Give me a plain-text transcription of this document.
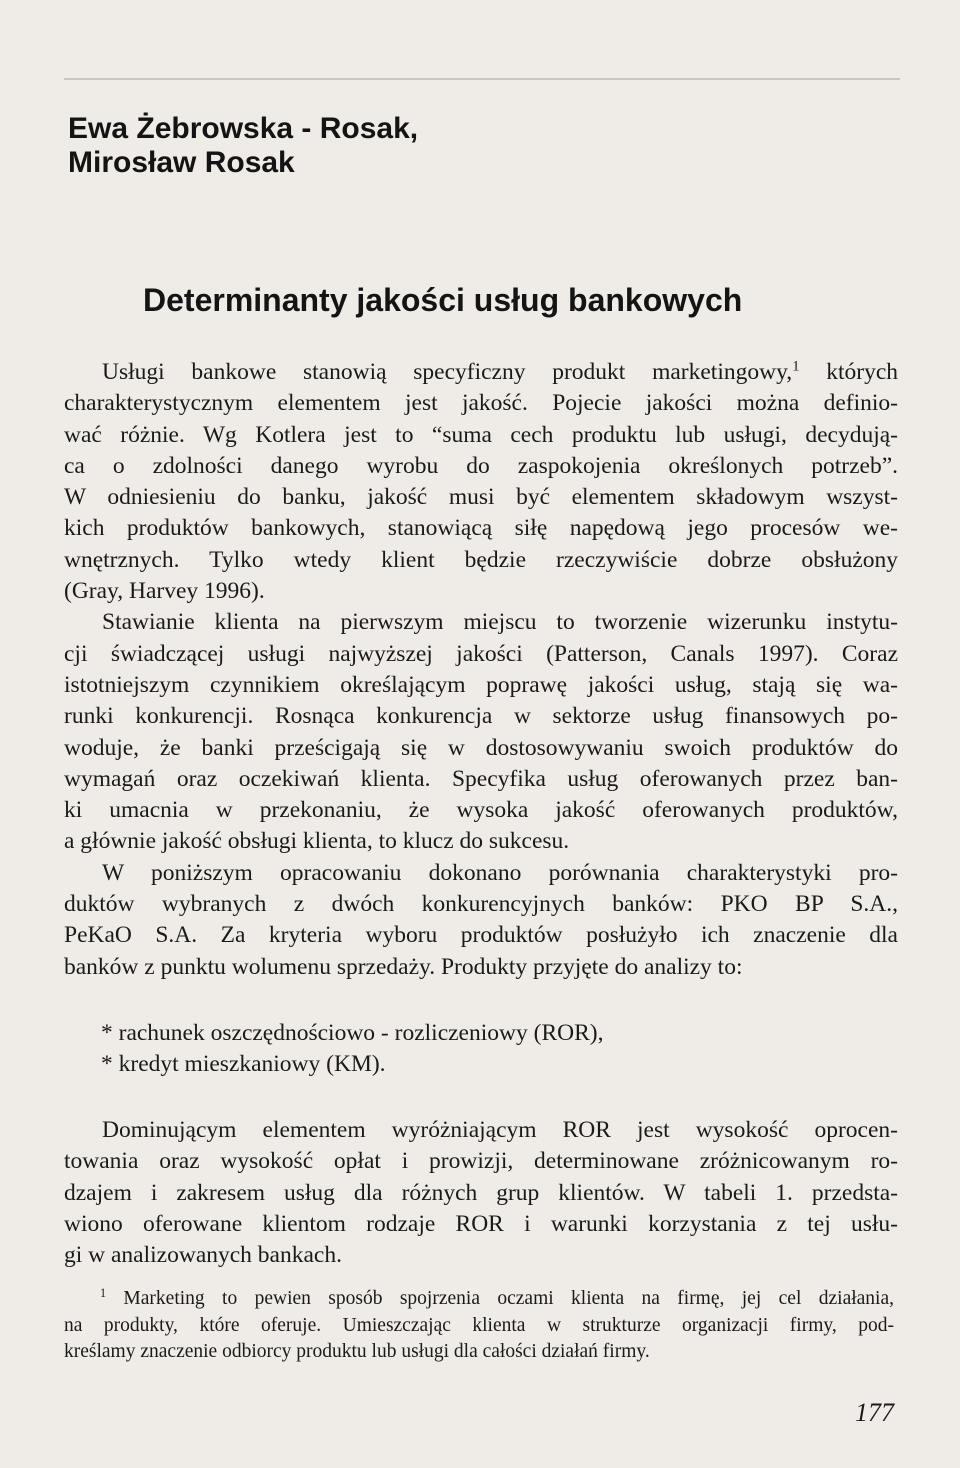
Ewa Żebrowska - Rosak,
Mirosław Rosak
Determinanty jakości usług bankowych
Usługi bankowe stanowią specyficzny produkt marketingowy,$^1$ których
charakterystycznym elementem jest jakość. Pojecie jakości można definio-
wać różnie. Wg Kotlera jest to “suma cech produktu lub usługi, decydują-
ca o zdolności danego wyrobu do zaspokojenia określonych potrzeb”.
W odniesieniu do banku, jakość musi być elementem składowym wszyst-
kich produktów bankowych, stanowiącą siłę napędową jego procesów we-
wnętrznych. Tylko wtedy klient będzie rzeczywiście dobrze obsłużony
(Gray, Harvey 1996).
Stawianie klienta na pierwszym miejscu to tworzenie wizerunku instytu-
cji świadczącej usługi najwyższej jakości (Patterson, Canals 1997). Coraz
istotniejszym czynnikiem określającym poprawę jakości usług, stają się wa-
runki konkurencji. Rosnąca konkurencja w sektorze usług finansowych po-
woduje, że banki prześcigają się w dostosowywaniu swoich produktów do
wymagań oraz oczekiwań klienta. Specyfika usług oferowanych przez ban-
ki umacnia w przekonaniu, że wysoka jakość oferowanych produktów,
a głównie jakość obsługi klienta, to klucz do sukcesu.
W poniższym opracowaniu dokonano porównania charakterystyki pro-
duktów wybranych z dwóch konkurencyjnych banków: PKO BP S.A.,
PeKaO S.A. Za kryteria wyboru produktów posłużyło ich znaczenie dla
banków z punktu wolumenu sprzedaży. Produkty przyjęte do analizy to:
* rachunek oszczędnościowo - rozliczeniowy (ROR),
* kredyt mieszkaniowy (KM).
Dominującym elementem wyróżniającym ROR jest wysokość oprocen-
towania oraz wysokość opłat i prowizji, determinowane zróżnicowanym ro-
dzajem i zakresem usług dla różnych grup klientów. W tabeli 1. przedsta-
wiono oferowane klientom rodzaje ROR i warunki korzystania z tej usłu-
gi w analizowanych bankach.
$^1$ Marketing to pewien sposób spojrzenia oczami klienta na firmę, jej cel działania,
na produkty, które oferuje. Umieszczając klienta w strukturze organizacji firmy, pod-
kreślamy znaczenie odbiorcy produktu lub usługi dla całości działań firmy.
177
